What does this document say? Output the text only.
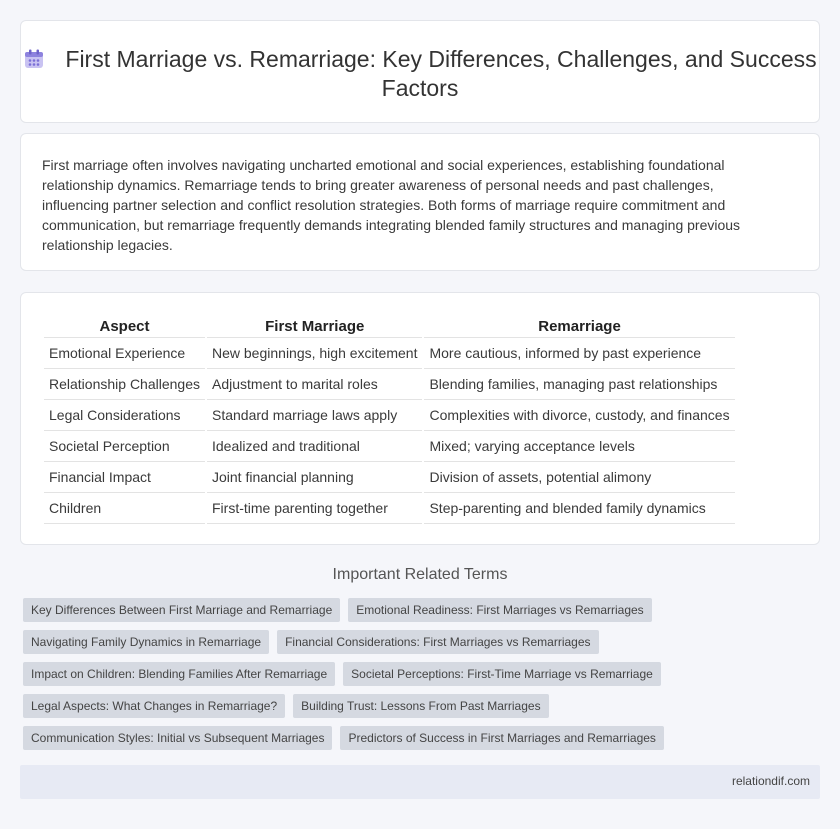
First Marriage vs. Remarriage: Key Differences, Challenges, and Success Factors

First marriage often involves navigating uncharted emotional and social experiences, establishing foundational relationship dynamics. Remarriage tends to bring greater awareness of personal needs and past challenges, influencing partner selection and conflict resolution strategies. Both forms of marriage require commitment and communication, but remarriage frequently demands integrating blended family structures and managing previous relationship legacies.

Aspect	First Marriage	Remarriage
Emotional Experience	New beginnings, high excitement	More cautious, informed by past experience
Relationship Challenges	Adjustment to marital roles	Blending families, managing past relationships
Legal Considerations	Standard marriage laws apply	Complexities with divorce, custody, and finances
Societal Perception	Idealized and traditional	Mixed; varying acceptance levels
Financial Impact	Joint financial planning	Division of assets, potential alimony
Children	First-time parenting together	Step-parenting and blended family dynamics
Important Related Terms
Key Differences Between First Marriage and Remarriage	Emotional Readiness: First Marriages vs Remarriages
Navigating Family Dynamics in Remarriage	Financial Considerations: First Marriages vs Remarriages
Impact on Children: Blending Families After Remarriage	Societal Perceptions: First-Time Marriage vs Remarriage
Legal Aspects: What Changes in Remarriage?	Building Trust: Lessons From Past Marriages
Communication Styles: Initial vs Subsequent Marriages	Predictors of Success in First Marriages and Remarriages
relationdif.com
